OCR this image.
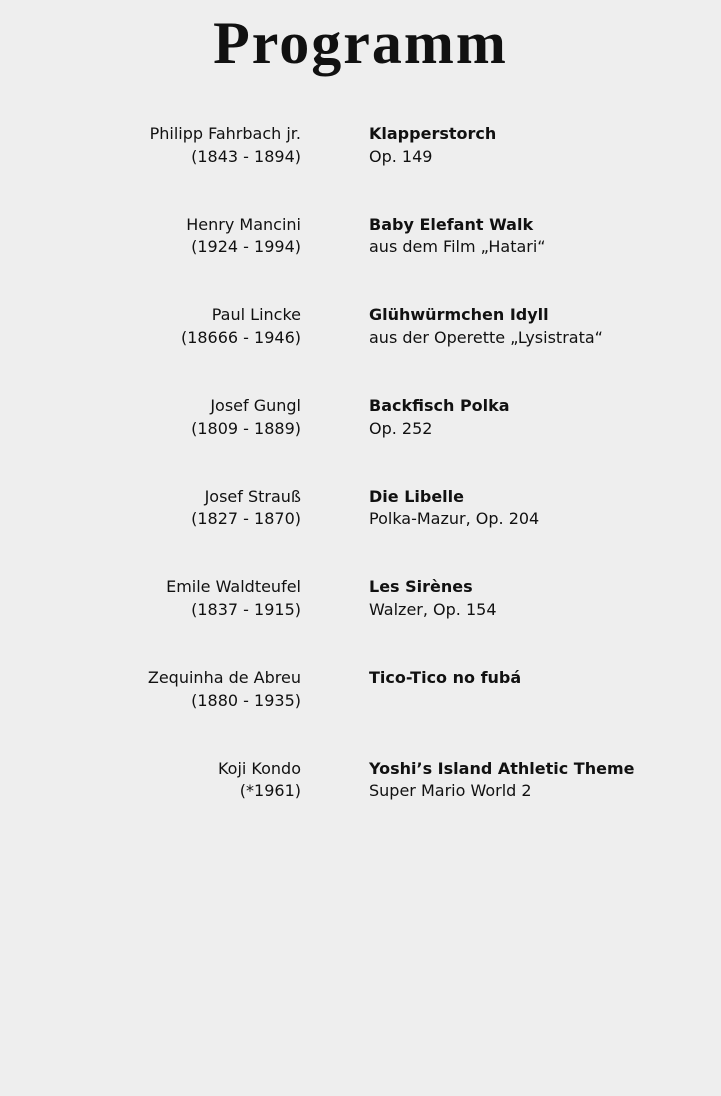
Programm
Philipp Fahrbach jr.
(1843 - 1894)
Klapperstorch
Op. 149
Henry Mancini
(1924 - 1994)
Baby Elefant Walk
aus dem Film „Hatari“
Paul Lincke
(18666 - 1946)
Glühwürmchen Idyll
aus der Operette „Lysistrata“
Josef Gungl
(1809 - 1889)
Backfisch Polka
Op. 252
Josef Strauß
(1827 - 1870)
Die Libelle
Polka-Mazur, Op. 204
Emile Waldteufel
(1837 - 1915)
Les Sirènes
Walzer, Op. 154
Zequinha de Abreu
(1880 - 1935)
Tico-Tico no fubá
Koji Kondo
(*1961)
Yoshi’s Island Athletic Theme
Super Mario World 2
